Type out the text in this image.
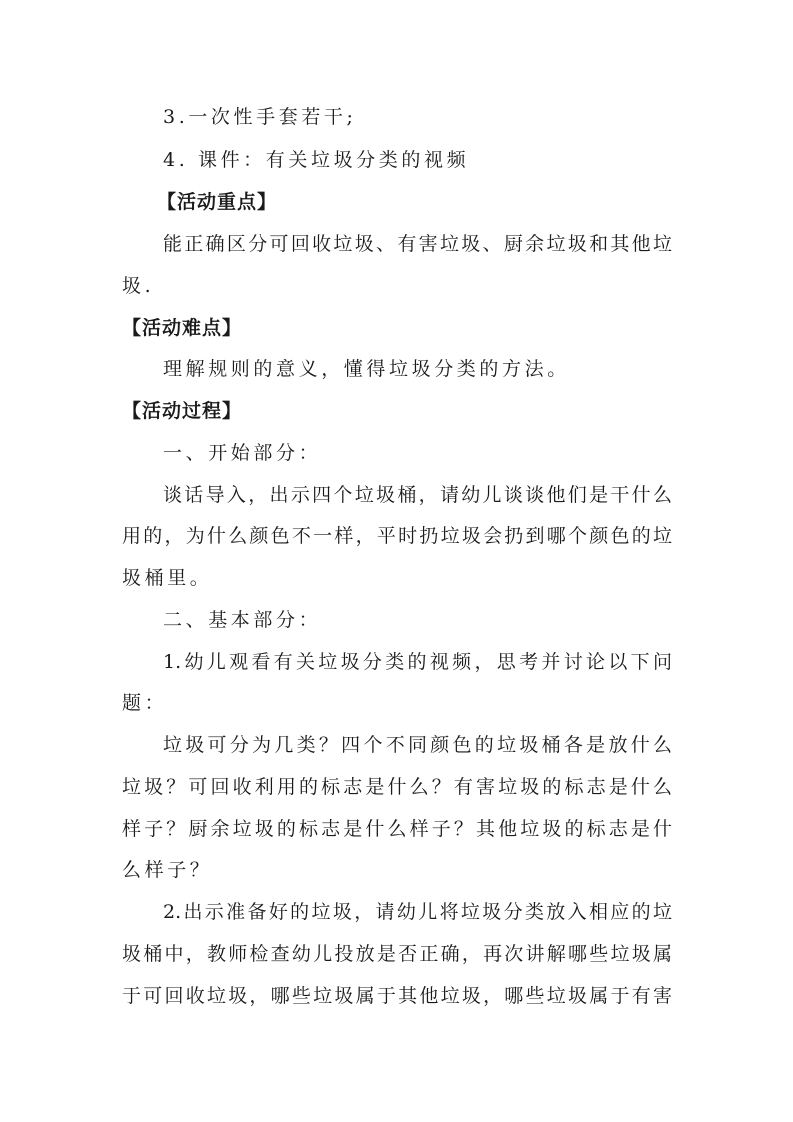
3.一次性手套若干;
4. 课件：有关垃圾分类的视频
【活动重点】
能正确区分可回收垃圾、有害垃圾、厨余垃圾和其他垃
圾.
【活动难点】
理解规则的意义，懂得垃圾分类的方法。
【活动过程】
一、开始部分：
谈话导入，出示四个垃圾桶，请幼儿谈谈他们是干什么
用的，为什么颜色不一样，平时扔垃圾会扔到哪个颜色的垃
圾桶里。
二、基本部分：
1.幼儿观看有关垃圾分类的视频，思考并讨论以下问
题：
垃圾可分为几类？四个不同颜色的垃圾桶各是放什么
垃圾？可回收利用的标志是什么？有害垃圾的标志是什么
样子？厨余垃圾的标志是什么样子？其他垃圾的标志是什
么样子？
2.出示准备好的垃圾，请幼儿将垃圾分类放入相应的垃
圾桶中，教师检查幼儿投放是否正确，再次讲解哪些垃圾属
于可回收垃圾，哪些垃圾属于其他垃圾，哪些垃圾属于有害
